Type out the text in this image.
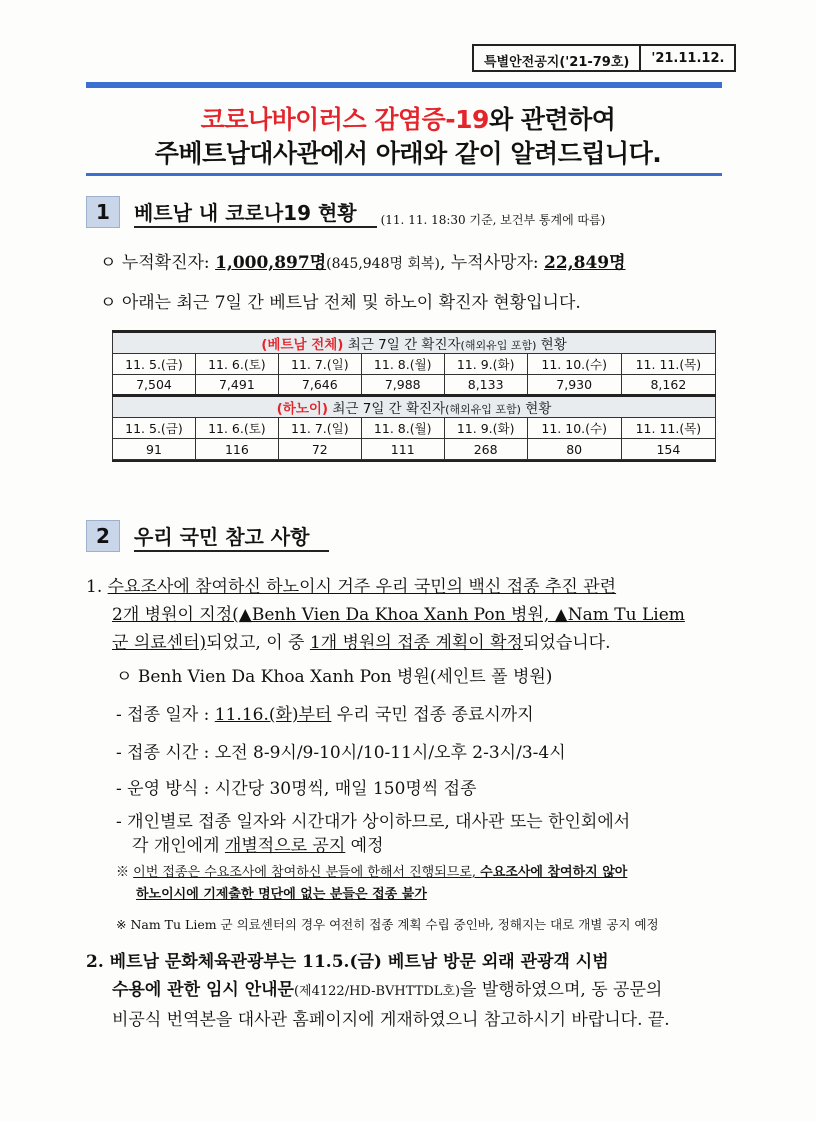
특별안전공지('21-79호)	'21.11.12.
코로나바이러스 감염증-19와 관련하여
주베트남대사관에서 아래와 같이 알려드립니다.
1	베트남 내 코로나19 현황	(11. 11. 18:30 기준, 보건부 통계에 따름)
ㅇ 누적확진자: 1,000,897명(845,948명 회복), 누적사망자: 22,849명
ㅇ 아래는 최근 7일 간 베트남 전체 및 하노이 확진자 현황입니다.
(베트남 전체) 최근 7일 간 확진자(해외유입 포함) 현황						
11. 5.(금)	11. 6.(토)	11. 7.(일)	11. 8.(월)	11. 9.(화)	11. 10.(수)	11. 11.(목)
7,504	7,491	7,646	7,988	8,133	7,930	8,162
(하노이) 최근 7일 간 확진자(해외유입 포함) 현황						
11. 5.(금)	11. 6.(토)	11. 7.(일)	11. 8.(월)	11. 9.(화)	11. 10.(수)	11. 11.(목)
91	116	72	111	268	80	154
2	우리 국민 참고 사항
1. 수요조사에 참여하신 하노이시 거주 우리 국민의 백신 접종 추진 관련
2개 병원이 지정(▲Benh Vien Da Khoa Xanh Pon 병원, ▲Nam Tu Liem
군 의료센터)되었고, 이 중 1개 병원의 접종 계획이 확정되었습니다.
ㅇ Benh Vien Da Khoa Xanh Pon 병원(세인트 폴 병원)
- 접종 일자 : 11.16.(화)부터 우리 국민 접종 종료시까지
- 접종 시간 : 오전 8-9시/9-10시/10-11시/오후 2-3시/3-4시
- 운영 방식 : 시간당 30명씩, 매일 150명씩 접종
- 개인별로 접종 일자와 시간대가 상이하므로, 대사관 또는 한인회에서
각 개인에게 개별적으로 공지 예정
※ 이번 접종은 수요조사에 참여하신 분들에 한해서 진행되므로, 수요조사에 참여하지 않아
하노이시에 기제출한 명단에 없는 분들은 접종 불가
※ Nam Tu Liem 군 의료센터의 경우 여전히 접종 계획 수립 중인바, 정해지는 대로 개별 공지 예정
2. 베트남 문화체육관광부는 11.5.(금) 베트남 방문 외래 관광객 시범
수용에 관한 임시 안내문(제4122/HD-BVHTTDL호)을 발행하였으며, 동 공문의
비공식 번역본을 대사관 홈페이지에 게재하였으니 참고하시기 바랍니다. 끝.
